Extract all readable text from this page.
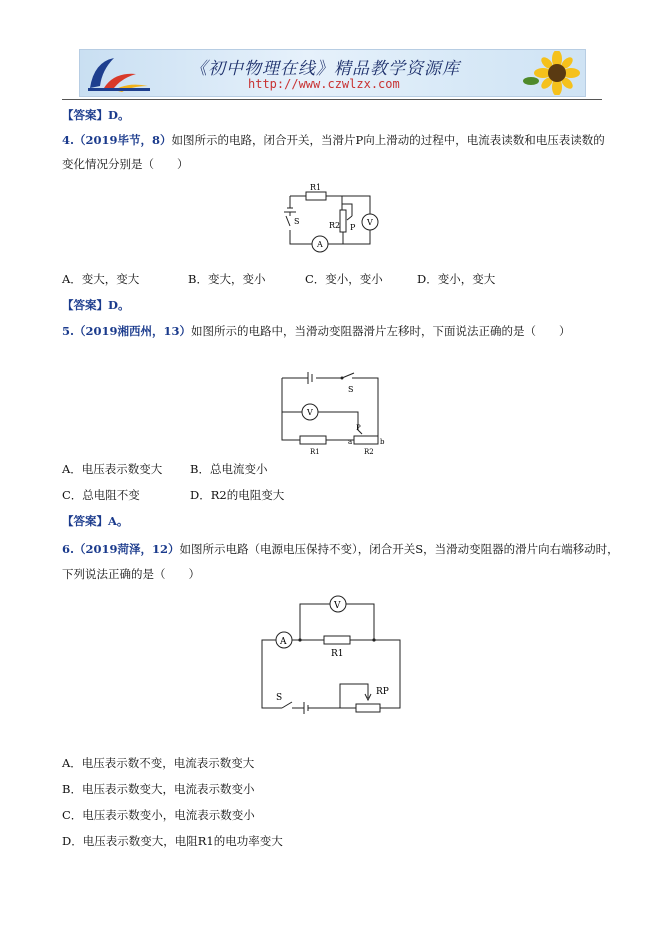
《初中物理在线》精品教学资源库
http://www.czwlzx.com
【答案】D。
4.（2019毕节，8）如图所示的电路，闭合开关，当滑片P向上滑动的过程中，电流表读数和电压表读数的
变化情况分别是（　　）
R1
R2 P
S
A
V
A．变大，变大	B．变大，变小	C．变小，变小	D．变小，变大
【答案】D。
5.（2019湘西州，13）如图所示的电路中，当滑动变阻器滑片左移时，下面说法正确的是（　　）
S
V
R1	R2
P
a	b
A．电压表示数变大 B．总电流变小
C．总电阻不变	D．R2的电阻变大
【答案】A。
6.（2019菏泽，12）如图所示电路（电源电压保持不变），闭合开关S，当滑动变阻器的滑片向右端移动时，
下列说法正确的是（　　）
V
A
R1
S
RP
A．电压表示数不变，电流表示数变大
B．电压表示数变大，电流表示数变小
C．电压表示数变小，电流表示数变小
D．电压表示数变大，电阻R1的电功率变大
